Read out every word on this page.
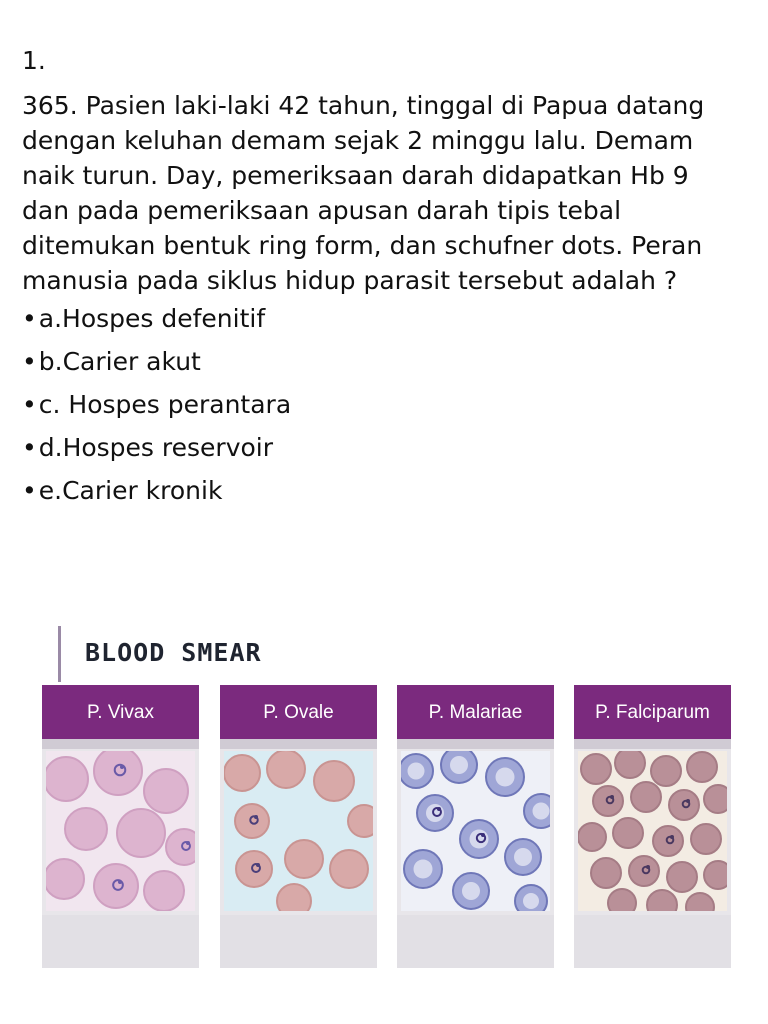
1.

365. Pasien laki-laki 42 tahun, tinggal di Papua datang dengan keluhan demam sejak 2 minggu lalu. Demam naik turun. Day, pemeriksaan darah didapatkan Hb 9 dan pada pemeriksaan apusan darah tipis tebal ditemukan bentuk ring form, dan schufner dots. Peran manusia pada siklus hidup parasit tersebut adalah ?

•a.Hospes defenitif
•b.Carier akut
•c. Hospes perantara
•d.Hospes reservoir
•e.Carier kronik
BLOOD SMEAR
P. Vivax	P. Ovale	P. Malariae	P. Falciparum
